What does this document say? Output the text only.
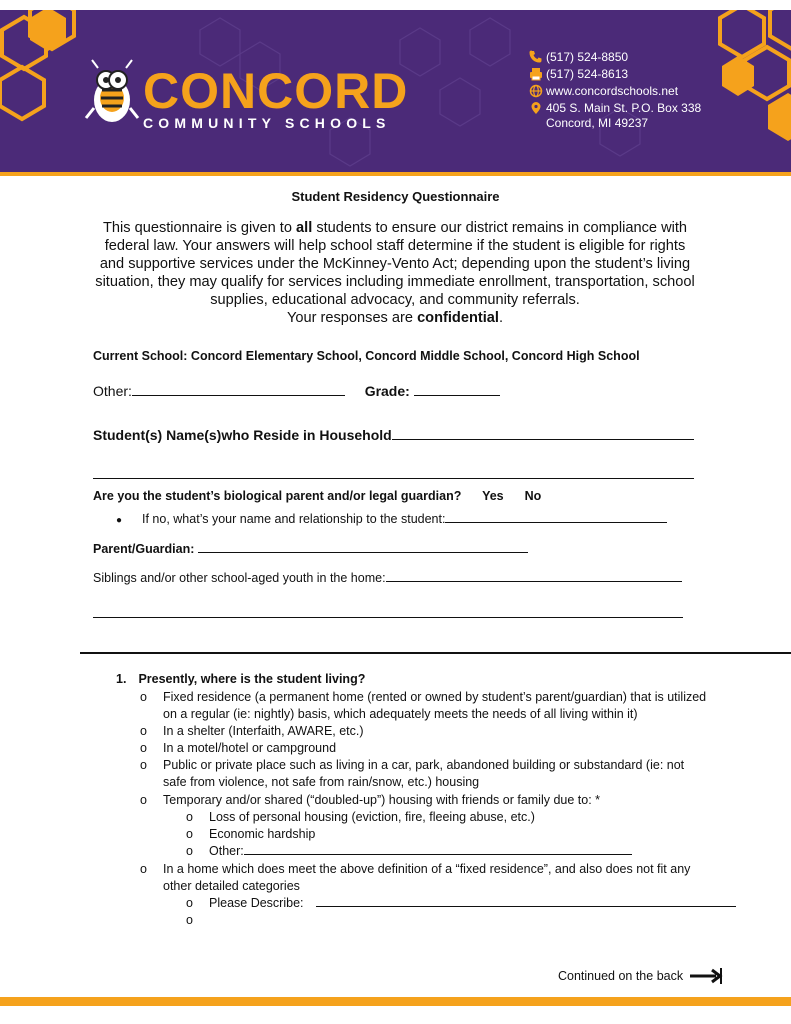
CONCORD
COMMUNITY SCHOOLS
(517) 524-8850
(517) 524-8613
www.concordschools.net
405 S. Main St. P.O. Box 338
Concord, MI 49237
Student Residency Questionnaire
This questionnaire is given to all students to ensure our district remains in compliance with federal law. Your answers will help school staff determine if the student is eligible for rights and supportive services under the McKinney-Vento Act; depending upon the student’s living situation, they may qualify for services including immediate enrollment, transportation, school supplies, educational advocacy, and community referrals.
Your responses are confidential.
Current School: Concord Elementary School, Concord Middle School, Concord High School
Other:	Grade:
Student(s) Name(s)who Reside in Household
Are you the student’s biological parent and/or legal guardian? Yes No
● If no, what’s your name and relationship to the student:
Parent/Guardian:
Siblings and/or other school-aged youth in the home:
1. Presently, where is the student living?
o Fixed residence (a permanent home (rented or owned by student’s parent/guardian) that is utilized on a regular (ie: nightly) basis, which adequately meets the needs of all living within it)
o In a shelter (Interfaith, AWARE, etc.)
o In a motel/hotel or campground
o Public or private place such as living in a car, park, abandoned building or substandard (ie: not safe from violence, not safe from rain/snow, etc.) housing
o Temporary and/or shared (“doubled-up”) housing with friends or family due to: *
o Loss of personal housing (eviction, fire, fleeing abuse, etc.)
o Economic hardship
o Other:
o In a home which does meet the above definition of a “fixed residence”, and also does not fit any other detailed categories
o Please Describe:
o
Continued on the back
